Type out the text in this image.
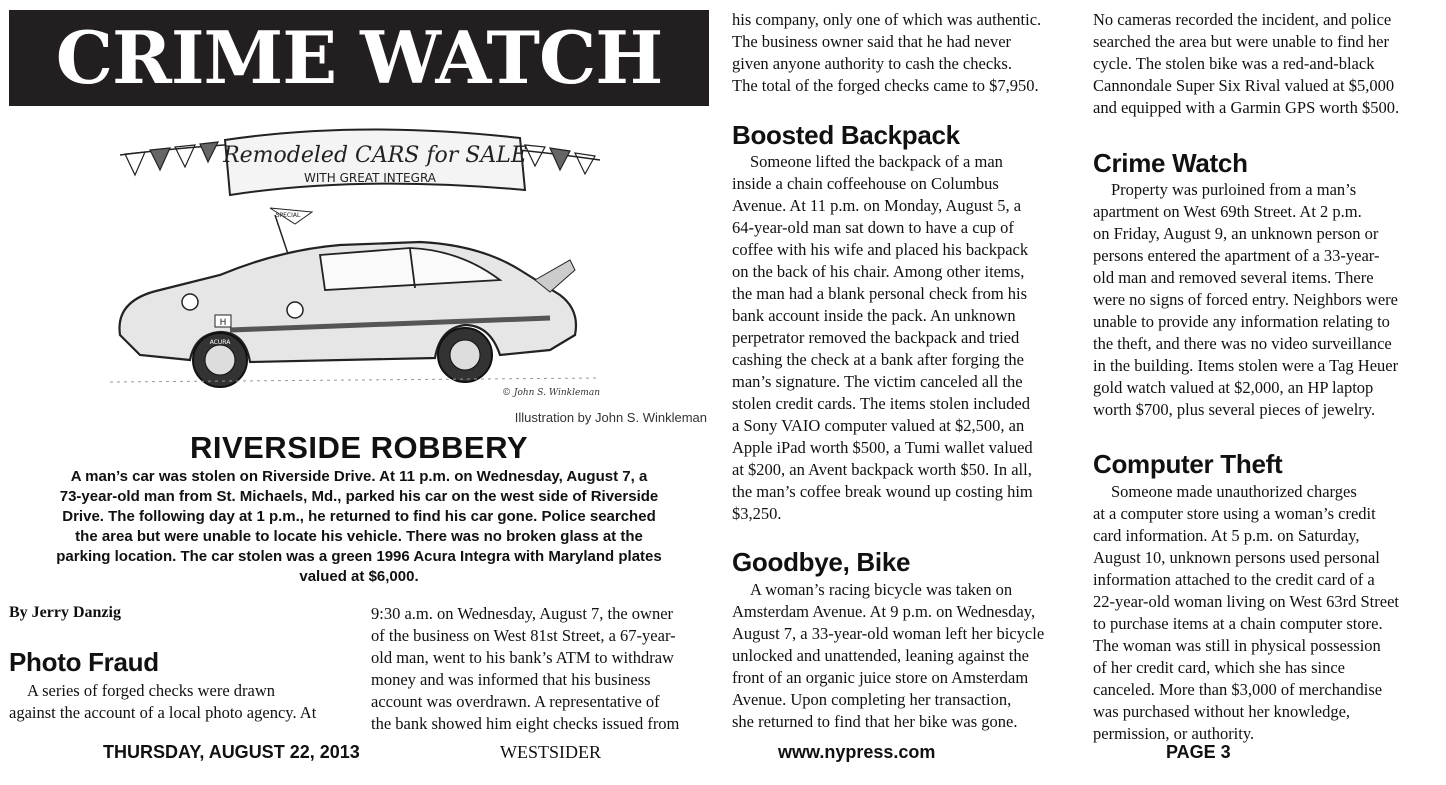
CRIME WATCH
Remodeled CARS for SALE
WITH GREAT INTEGRA
SPECIAL
H
ACURA
© John S. Winkleman
Illustration by John S. Winkleman
RIVERSIDE ROBBERY
A man’s car was stolen on Riverside Drive. At 11 p.m. on Wednesday, August 7, a
73-year-old man from St. Michaels, Md., parked his car on the west side of Riverside
Drive. The following day at 1 p.m., he returned to find his car gone. Police searched
the area but were unable to locate his vehicle. There was no broken glass at the
parking location. The car stolen was a green 1996 Acura Integra with Maryland plates
valued at $6,000.
By Jerry Danzig
Photo Fraud
A series of forged checks were drawn
against the account of a local photo agency. At
9:30 a.m. on Wednesday, August 7, the owner
of the business on West 81st Street, a 67-year-
old man, went to his bank’s ATM to withdraw
money and was informed that his business
account was overdrawn. A representative of
the bank showed him eight checks issued from
his company, only one of which was authentic.
The business owner said that he had never
given anyone authority to cash the checks.
The total of the forged checks came to $7,950.
Boosted Backpack
Someone lifted the backpack of a man
inside a chain coffeehouse on Columbus
Avenue. At 11 p.m. on Monday, August 5, a
64-year-old man sat down to have a cup of
coffee with his wife and placed his backpack
on the back of his chair. Among other items,
the man had a blank personal check from his
bank account inside the pack. An unknown
perpetrator removed the backpack and tried
cashing the check at a bank after forging the
man’s signature. The victim canceled all the
stolen credit cards. The items stolen included
a Sony VAIO computer valued at $2,500, an
Apple iPad worth $500, a Tumi wallet valued
at $200, an Avent backpack worth $50. In all,
the man’s coffee break wound up costing him
$3,250.
Goodbye, Bike
A woman’s racing bicycle was taken on
Amsterdam Avenue. At 9 p.m. on Wednesday,
August 7, a 33-year-old woman left her bicycle
unlocked and unattended, leaning against the
front of an organic juice store on Amsterdam
Avenue. Upon completing her transaction,
she returned to find that her bike was gone.
No cameras recorded the incident, and police
searched the area but were unable to find her
cycle. The stolen bike was a red-and-black
Cannondale Super Six Rival valued at $5,000
and equipped with a Garmin GPS worth $500.
Crime Watch
Property was purloined from a man’s
apartment on West 69th Street. At 2 p.m.
on Friday, August 9, an unknown person or
persons entered the apartment of a 33-year-
old man and removed several items. There
were no signs of forced entry. Neighbors were
unable to provide any information relating to
the theft, and there was no video surveillance
in the building. Items stolen were a Tag Heuer
gold watch valued at $2,000, an HP laptop
worth $700, plus several pieces of jewelry.
Computer Theft
Someone made unauthorized charges
at a computer store using a woman’s credit
card information. At 5 p.m. on Saturday,
August 10, unknown persons used personal
information attached to the credit card of a
22-year-old woman living on West 63rd Street
to purchase items at a chain computer store.
The woman was still in physical possession
of her credit card, which she has since
canceled. More than $3,000 of merchandise
was purchased without her knowledge,
permission, or authority.
THURSDAY, AUGUST 22, 2013	WESTSIDER	www.nypress.com	PAGE 3
